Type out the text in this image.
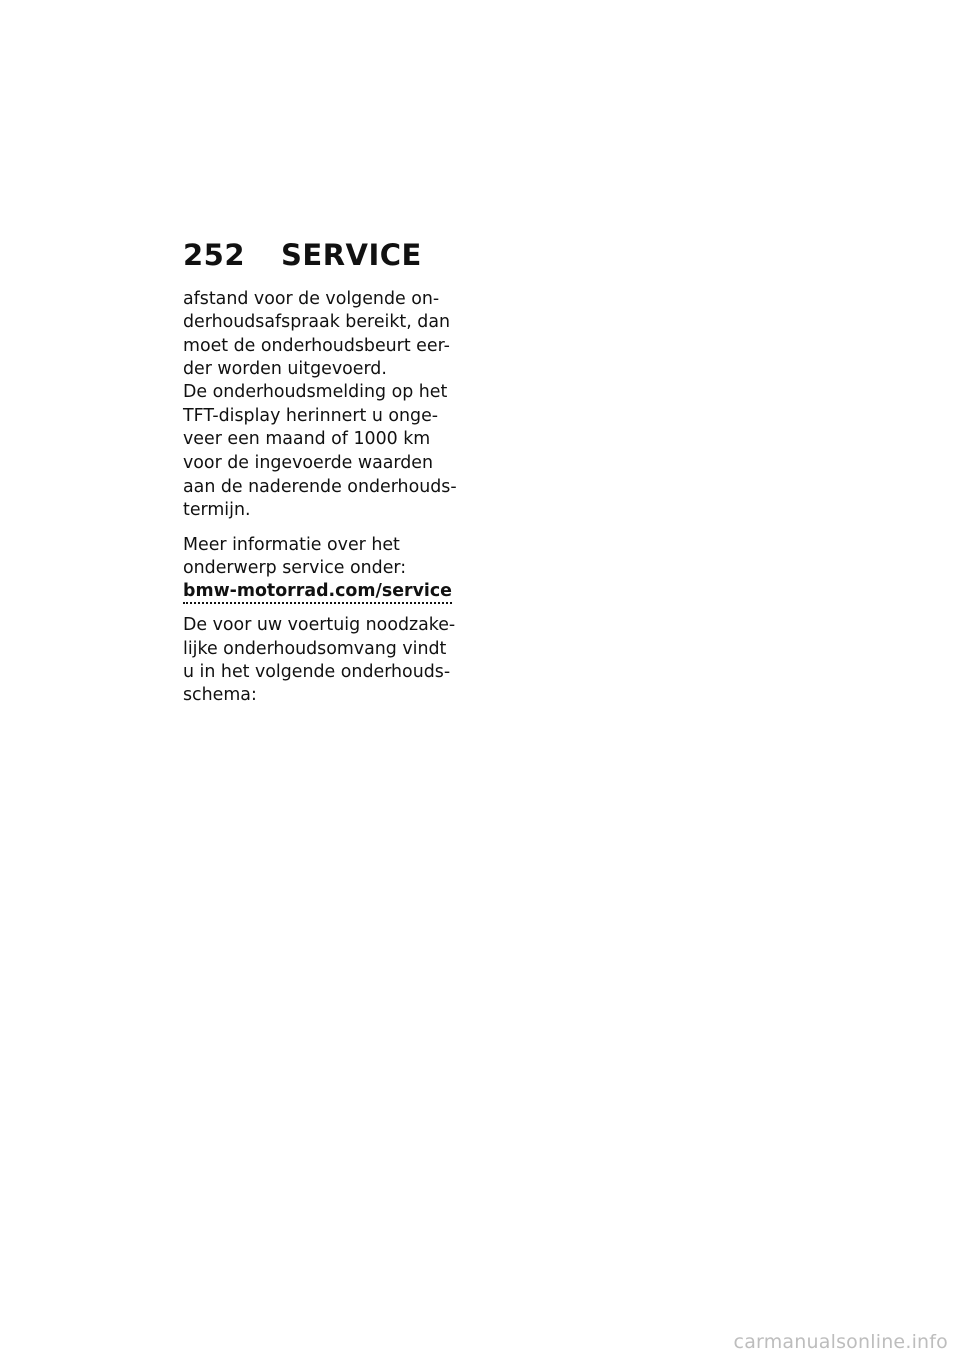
252	SERVICE
afstand voor de volgende on-
derhoudsafspraak bereikt, dan
moet de onderhoudsbeurt eer-
der worden uitgevoerd.
De onderhoudsmelding op het
TFT-display herinnert u onge-
veer een maand of 1000 km
voor de ingevoerde waarden
aan de naderende onderhouds-
termijn.
Meer informatie over het
onderwerp service onder:
bmw-motorrad.com/service
De voor uw voertuig noodzake-
lijke onderhoudsomvang vindt
u in het volgende onderhouds-
schema:
carmanualsonline.info
